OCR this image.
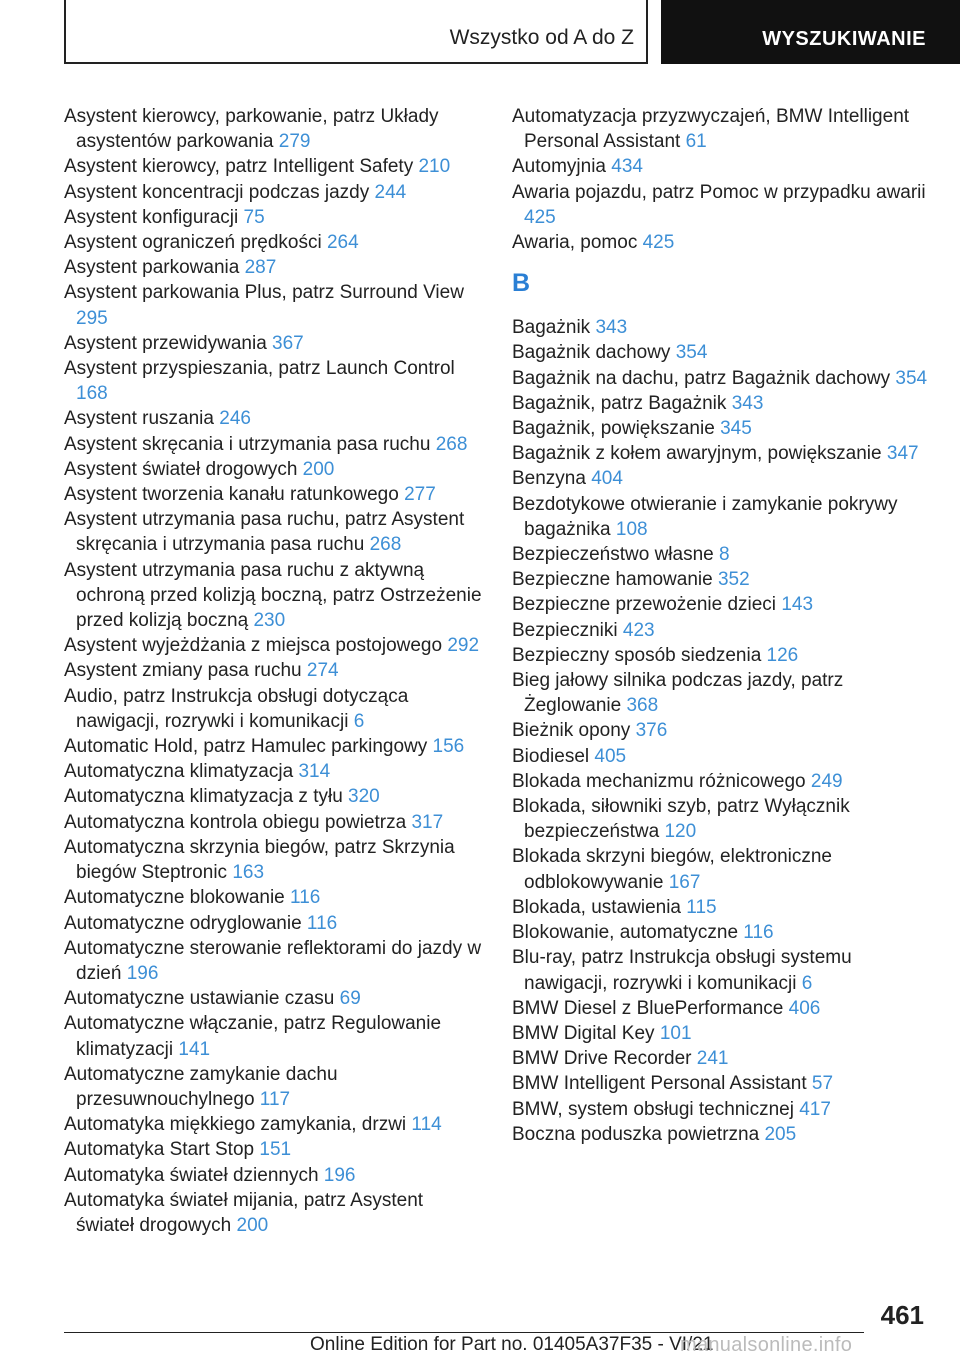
Wszystko od A do Z	WYSZUKIWANIE
Asystent kierowcy, parkowanie, patrz Układy asystentów parkowania 279
Asystent kierowcy, patrz Intelligent Safety 210
Asystent koncentracji podczas jazdy 244
Asystent konfiguracji 75
Asystent ograniczeń prędkości 264
Asystent parkowania 287
Asystent parkowania Plus, patrz Surround View 295
Asystent przewidywania 367
Asystent przyspieszania, patrz Launch Control 168
Asystent ruszania 246
Asystent skręcania i utrzymania pasa ruchu 268
Asystent świateł drogowych 200
Asystent tworzenia kanału ratunkowego 277
Asystent utrzymania pasa ruchu, patrz Asystent skręcania i utrzymania pasa ruchu 268
Asystent utrzymania pasa ruchu z aktywną ochroną przed kolizją boczną, patrz Ostrzeżenie przed kolizją boczną 230
Asystent wyjeżdżania z miejsca postojowego 292
Asystent zmiany pasa ruchu 274
Audio, patrz Instrukcja obsługi dotycząca nawigacji, rozrywki i komunikacji 6
Automatic Hold, patrz Hamulec parkingowy 156
Automatyczna klimatyzacja 314
Automatyczna klimatyzacja z tyłu 320
Automatyczna kontrola obiegu powietrza 317
Automatyczna skrzynia biegów, patrz Skrzynia biegów Steptronic 163
Automatyczne blokowanie 116
Automatyczne odryglowanie 116
Automatyczne sterowanie reflektorami do jazdy w dzień 196
Automatyczne ustawianie czasu 69
Automatyczne włączanie, patrz Regulowanie klimatyzacji 141
Automatyczne zamykanie dachu przesuwnouchylnego 117
Automatyka miękkiego zamykania, drzwi 114
Automatyka Start Stop 151
Automatyka świateł dziennych 196
Automatyka świateł mijania, patrz Asystent świateł drogowych 200
Automatyzacja przyzwyczajeń, BMW Intelligent Personal Assistant 61
Automyjnia 434
Awaria pojazdu, patrz Pomoc w przypadku awarii 425
Awaria, pomoc 425
B
Bagażnik 343
Bagażnik dachowy 354
Bagażnik na dachu, patrz Bagażnik dachowy 354
Bagażnik, patrz Bagażnik 343
Bagażnik, powiększanie 345
Bagażnik z kołem awaryjnym, powiększanie 347
Benzyna 404
Bezdotykowe otwieranie i zamykanie pokrywy bagażnika 108
Bezpieczeństwo własne 8
Bezpieczne hamowanie 352
Bezpieczne przewożenie dzieci 143
Bezpieczniki 423
Bezpieczny sposób siedzenia 126
Bieg jałowy silnika podczas jazdy, patrz Żeglowanie 368
Bieżnik opony 376
Biodiesel 405
Blokada mechanizmu różnicowego 249
Blokada, siłowniki szyb, patrz Wyłącznik bezpieczeństwa 120
Blokada skrzyni biegów, elektroniczne odblokowywanie 167
Blokada, ustawienia 115
Blokowanie, automatyczne 116
Blu-ray, patrz Instrukcja obsługi systemu nawigacji, rozrywki i komunikacji 6
BMW Diesel z BluePerformance 406
BMW Digital Key 101
BMW Drive Recorder 241
BMW Intelligent Personal Assistant 57
BMW, system obsługi technicznej 417
Boczna poduszka powietrzna 205
461
Online Edition for Part no. 01405A37F35 - VI/21
manualsonline.info
